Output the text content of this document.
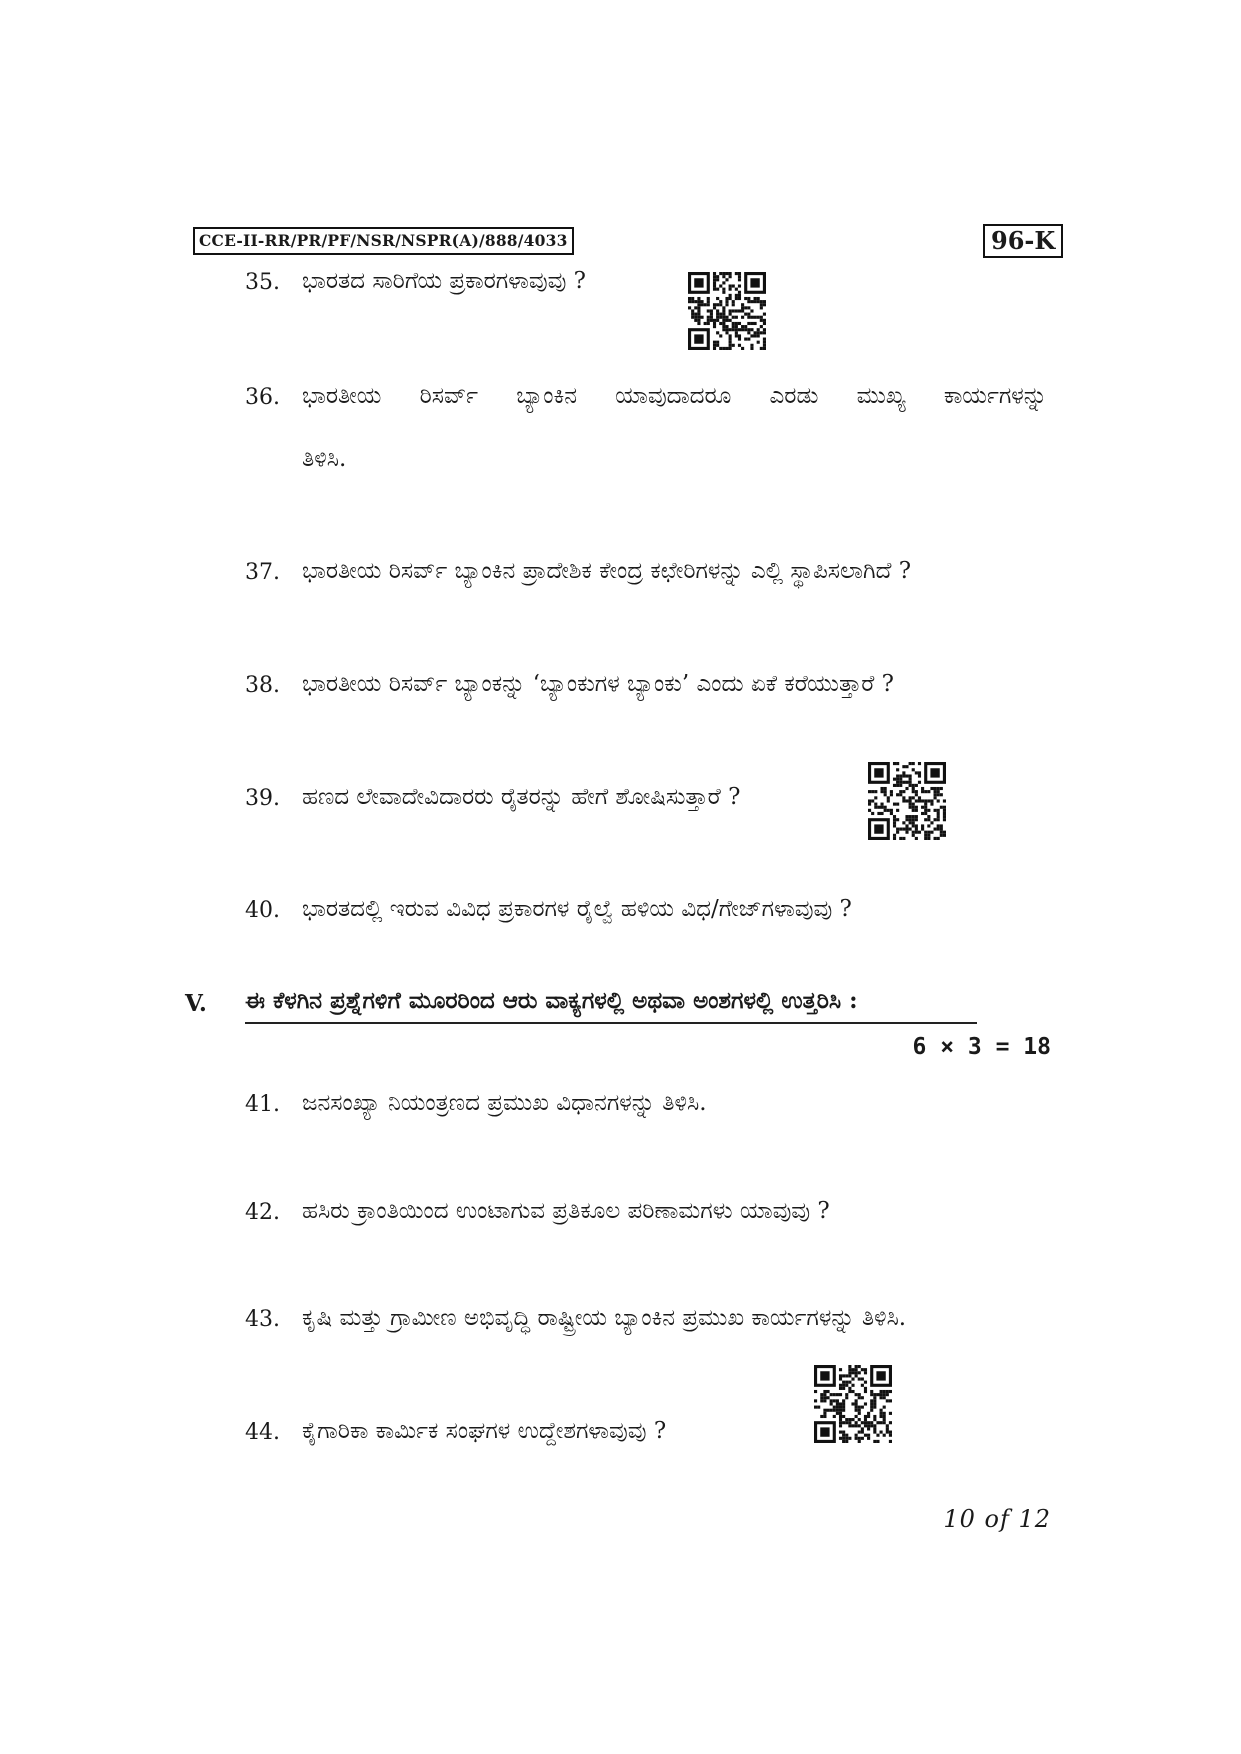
CCE-II-RR/PR/PF/NSR/NSPR(A)/888/4033	96-K
35. ಭಾರತದ ಸಾರಿಗೆಯ ಪ್ರಕಾರಗಳಾವುವು ?
36. ಭಾರತೀಯ ರಿಸರ್ವ್ ಬ್ಯಾಂಕಿನ ಯಾವುದಾದರೂ ಎರಡು ಮುಖ್ಯ ಕಾರ್ಯಗಳನ್ನು
ತಿಳಿಸಿ.
37. ಭಾರತೀಯ ರಿಸರ್ವ್ ಬ್ಯಾಂಕಿನ ಪ್ರಾದೇಶಿಕ ಕೇಂದ್ರ ಕಛೇರಿಗಳನ್ನು ಎಲ್ಲಿ ಸ್ಥಾಪಿಸಲಾಗಿದೆ ?
38. ಭಾರತೀಯ ರಿಸರ್ವ್ ಬ್ಯಾಂಕನ್ನು ‘ಬ್ಯಾಂಕುಗಳ ಬ್ಯಾಂಕು’ ಎಂದು ಏಕೆ ಕರೆಯುತ್ತಾರೆ ?
39. ಹಣದ ಲೇವಾದೇವಿದಾರರು ರೈತರನ್ನು ಹೇಗೆ ಶೋಷಿಸುತ್ತಾರೆ ?
40. ಭಾರತದಲ್ಲಿ ಇರುವ ವಿವಿಧ ಪ್ರಕಾರಗಳ ರೈಲ್ವೆ ಹಳಿಯ ವಿಧ/ಗೇಜ್‌ಗಳಾವುವು ?
V. ಈ ಕೆಳಗಿನ ಪ್ರಶ್ನೆಗಳಿಗೆ ಮೂರರಿಂದ ಆರು ವಾಕ್ಯಗಳಲ್ಲಿ ಅಥವಾ ಅಂಶಗಳಲ್ಲಿ ಉತ್ತರಿಸಿ :
6 × 3 = 18
41. ಜನಸಂಖ್ಯಾ ನಿಯಂತ್ರಣದ ಪ್ರಮುಖ ವಿಧಾನಗಳನ್ನು ತಿಳಿಸಿ.
42. ಹಸಿರು ಕ್ರಾಂತಿಯಿಂದ ಉಂಟಾಗುವ ಪ್ರತಿಕೂಲ ಪರಿಣಾಮಗಳು ಯಾವುವು ?
43. ಕೃಷಿ ಮತ್ತು ಗ್ರಾಮೀಣ ಅಭಿವೃದ್ಧಿ ರಾಷ್ಟ್ರೀಯ ಬ್ಯಾಂಕಿನ ಪ್ರಮುಖ ಕಾರ್ಯಗಳನ್ನು ತಿಳಿಸಿ.
44. ಕೈಗಾರಿಕಾ ಕಾರ್ಮಿಕ ಸಂಘಗಳ ಉದ್ದೇಶಗಳಾವುವು ?
10 of 12
